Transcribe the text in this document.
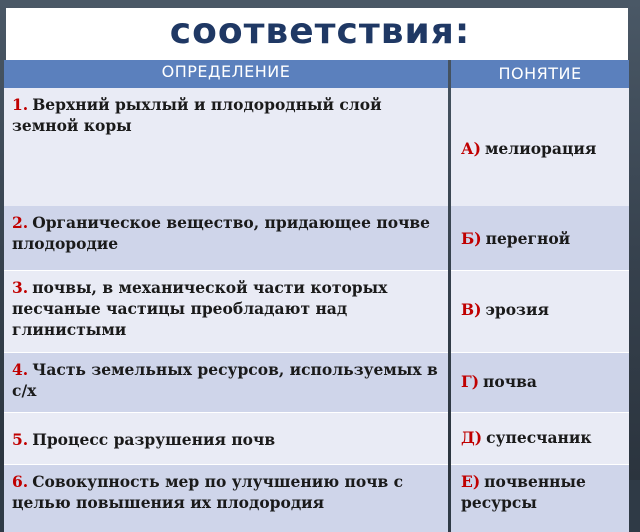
соответствия:
ОПРЕДЕЛЕНИЕ
1. Верхний рыхлый и плодородный слой земной коры
2. Органическое вещество, придающее почве плодородие
3. почвы, в механической части которых песчаные частицы преобладают над глинистыми
4. Часть земельных ресурсов, используемых в с/х
5. Процесс разрушения почв
6. Совокупность мер по улучшению почв с целью повышения их плодородия
ПОНЯТИЕ
А) мелиорация
Б) перегной
В) эрозия
Г) почва
Д) супесчаник
Е) почвенные ресурсы
